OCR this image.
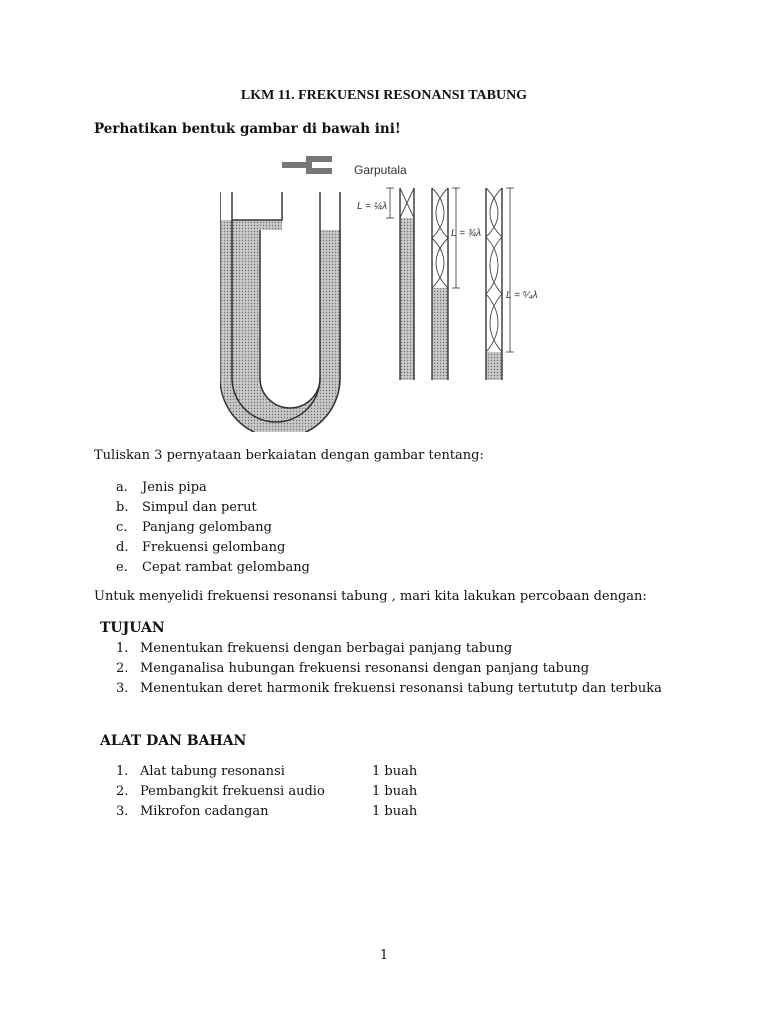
LKM 11. FREKUENSI RESONANSI TABUNG
Perhatikan bentuk gambar di bawah ini!
Garputala
L = ¼λ
L = ¾λ
L = ⁵⁄₄λ
Tuliskan 3 pernyataan berkaiatan dengan gambar tentang:
a. Jenis pipa
b. Simpul dan perut
c. Panjang gelombang
d. Frekuensi gelombang
e. Cepat rambat gelombang
Untuk menyelidi frekuensi resonansi tabung , mari kita lakukan percobaan dengan:
TUJUAN
1. Menentukan frekuensi dengan berbagai panjang tabung
2. Menganalisa hubungan frekuensi resonansi dengan panjang tabung
3. Menentukan deret harmonik frekuensi resonansi tabung tertututp dan terbuka
ALAT DAN BAHAN
1. Alat tabung resonansi	1 buah
2. Pembangkit frekuensi audio	1 buah
3. Mikrofon cadangan	1 buah
1
